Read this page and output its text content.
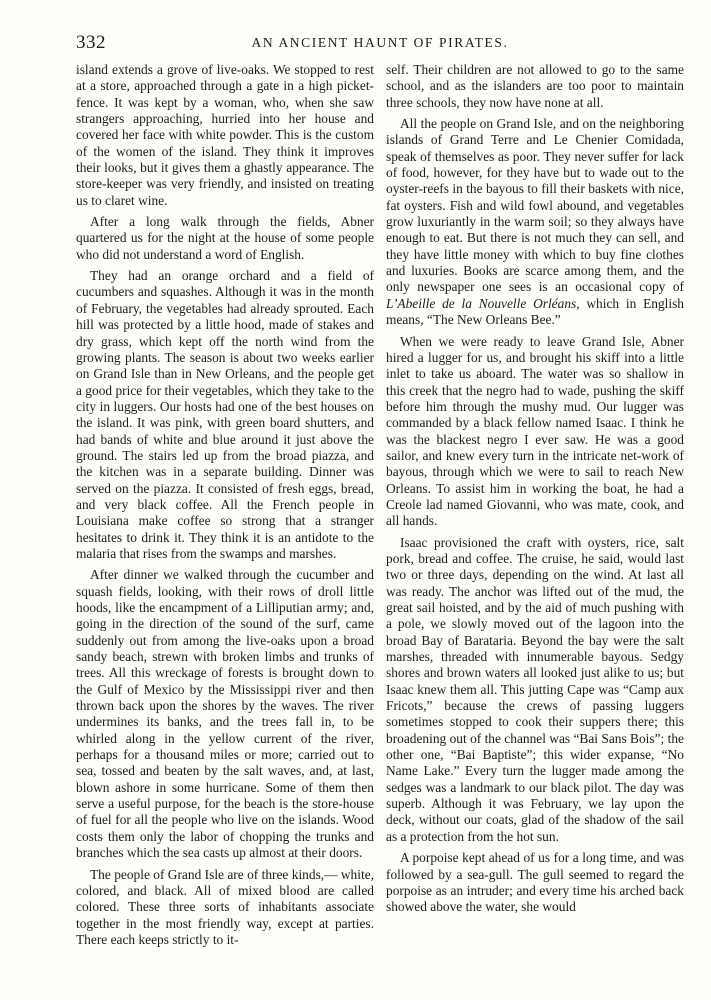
332	AN ANCIENT HAUNT OF PIRATES.

island extends a grove of live-oaks. We stopped to rest at a store, approached through a gate in a high picket-fence. It was kept by a woman, who, when she saw strangers approaching, hurried into her house and covered her face with white powder. This is the custom of the women of the island. They think it improves their looks, but it gives them a ghastly appearance. The store-keeper was very friendly, and insisted on treating us to claret wine.

After a long walk through the fields, Abner quartered us for the night at the house of some people who did not understand a word of English.

They had an orange orchard and a field of cucumbers and squashes. Although it was in the month of February, the vegetables had already sprouted. Each hill was protected by a little hood, made of stakes and dry grass, which kept off the north wind from the growing plants. The season is about two weeks earlier on Grand Isle than in New Orleans, and the people get a good price for their vegetables, which they take to the city in luggers. Our hosts had one of the best houses on the island. It was pink, with green board shutters, and had bands of white and blue around it just above the ground. The stairs led up from the broad piazza, and the kitchen was in a separate building. Dinner was served on the piazza. It consisted of fresh eggs, bread, and very black coffee. All the French people in Louisiana make coffee so strong that a stranger hesitates to drink it. They think it is an antidote to the malaria that rises from the swamps and marshes.

After dinner we walked through the cucumber and squash fields, looking, with their rows of droll little hoods, like the encampment of a Lilliputian army; and, going in the direction of the sound of the surf, came suddenly out from among the live-oaks upon a broad sandy beach, strewn with broken limbs and trunks of trees. All this wreckage of forests is brought down to the Gulf of Mexico by the Mississippi river and then thrown back upon the shores by the waves. The river undermines its banks, and the trees fall in, to be whirled along in the yellow current of the river, perhaps for a thousand miles or more; carried out to sea, tossed and beaten by the salt waves, and, at last, blown ashore in some hurricane. Some of them then serve a useful purpose, for the beach is the store-house of fuel for all the people who live on the islands. Wood costs them only the labor of chopping the trunks and branches which the sea casts up almost at their doors.

The people of Grand Isle are of three kinds,— white, colored, and black. All of mixed blood are called colored. These three sorts of inhabitants associate together in the most friendly way, except at parties. There each keeps strictly to it-

self. Their children are not allowed to go to the same school, and as the islanders are too poor to maintain three schools, they now have none at all.

All the people on Grand Isle, and on the neighboring islands of Grand Terre and Le Chenier Comidada, speak of themselves as poor. They never suffer for lack of food, however, for they have but to wade out to the oyster-reefs in the bayous to fill their baskets with nice, fat oysters. Fish and wild fowl abound, and vegetables grow luxuriantly in the warm soil; so they always have enough to eat. But there is not much they can sell, and they have little money with which to buy fine clothes and luxuries. Books are scarce among them, and the only newspaper one sees is an occasional copy of L’Abeille de la Nouvelle Orléans, which in English means, “The New Orleans Bee.”

When we were ready to leave Grand Isle, Abner hired a lugger for us, and brought his skiff into a little inlet to take us aboard. The water was so shallow in this creek that the negro had to wade, pushing the skiff before him through the mushy mud. Our lugger was commanded by a black fellow named Isaac. I think he was the blackest negro I ever saw. He was a good sailor, and knew every turn in the intricate net-work of bayous, through which we were to sail to reach New Orleans. To assist him in working the boat, he had a Creole lad named Giovanni, who was mate, cook, and all hands.

Isaac provisioned the craft with oysters, rice, salt pork, bread and coffee. The cruise, he said, would last two or three days, depending on the wind. At last all was ready. The anchor was lifted out of the mud, the great sail hoisted, and by the aid of much pushing with a pole, we slowly moved out of the lagoon into the broad Bay of Barataria. Beyond the bay were the salt marshes, threaded with innumerable bayous. Sedgy shores and brown waters all looked just alike to us; but Isaac knew them all. This jutting Cape was “Camp aux Fricots,” because the crews of passing luggers sometimes stopped to cook their suppers there; this broadening out of the channel was “Bai Sans Bois”; the other one, “Bai Baptiste”; this wider expanse, “No Name Lake.” Every turn the lugger made among the sedges was a landmark to our black pilot. The day was superb. Although it was February, we lay upon the deck, without our coats, glad of the shadow of the sail as a protection from the hot sun.

A porpoise kept ahead of us for a long time, and was followed by a sea-gull. The gull seemed to regard the porpoise as an intruder; and every time his arched back showed above the water, she would
